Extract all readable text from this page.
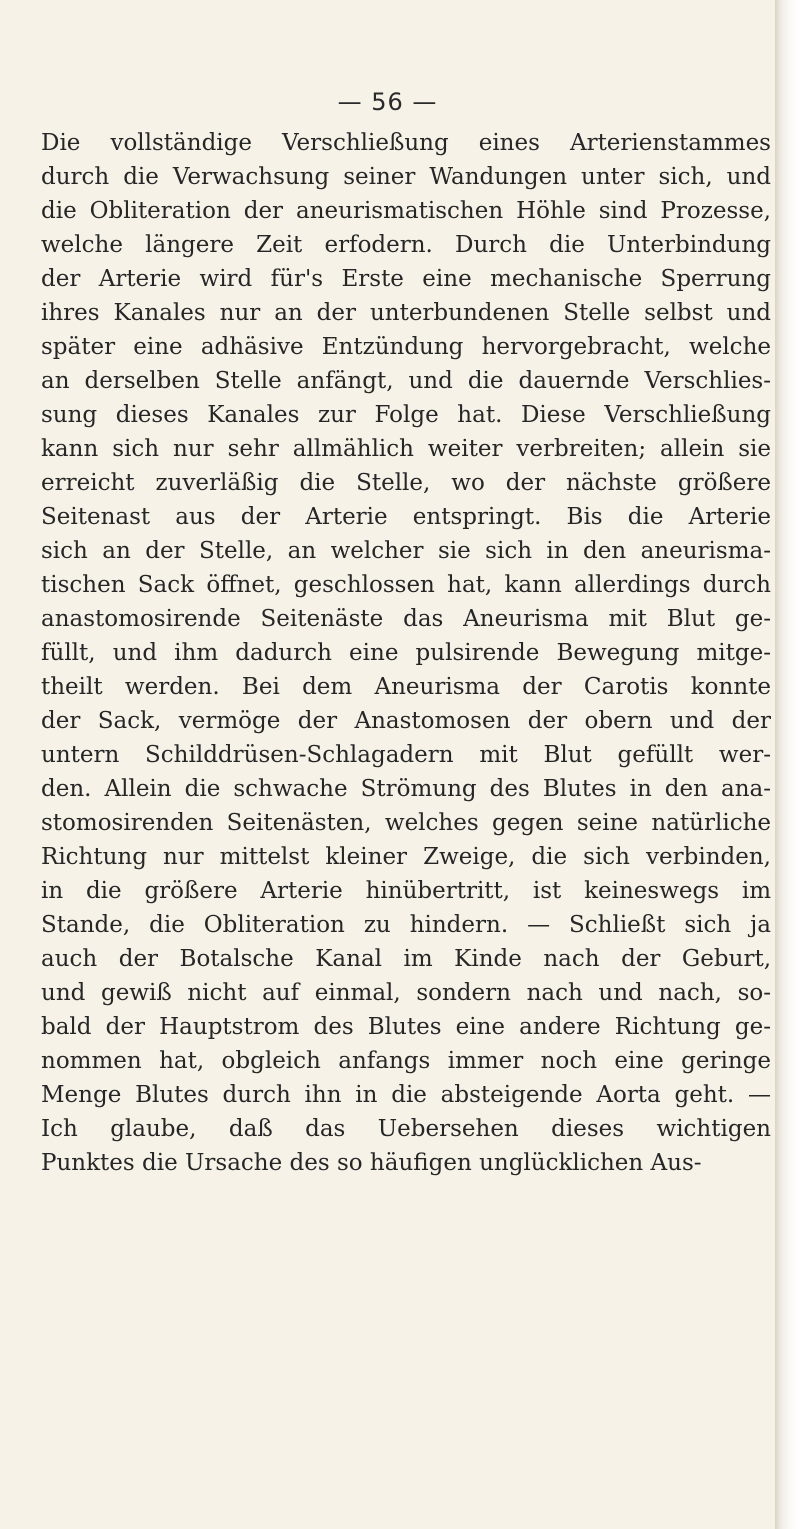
— 56 —
Die vollständige Verschließung eines Arterienstammes
durch die Verwachsung seiner Wandungen unter sich, und
die Obliteration der aneurismatischen Höhle sind Prozesse,
welche längere Zeit erfodern. Durch die Unterbindung
der Arterie wird für's Erste eine mechanische Sperrung
ihres Kanales nur an der unterbundenen Stelle selbst und
später eine adhäsive Entzündung hervorgebracht, welche
an derselben Stelle anfängt, und die dauernde Verschlies-
sung dieses Kanales zur Folge hat. Diese Verschließung
kann sich nur sehr allmählich weiter verbreiten; allein sie
erreicht zuverläßig die Stelle, wo der nächste größere
Seitenast aus der Arterie entspringt. Bis die Arterie
sich an der Stelle, an welcher sie sich in den aneurisma-
tischen Sack öffnet, geschlossen hat, kann allerdings durch
anastomosirende Seitenäste das Aneurisma mit Blut ge-
füllt, und ihm dadurch eine pulsirende Bewegung mitge-
theilt werden. Bei dem Aneurisma der Carotis konnte
der Sack, vermöge der Anastomosen der obern und der
untern Schilddrüsen-Schlagadern mit Blut gefüllt wer-
den. Allein die schwache Strömung des Blutes in den ana-
stomosirenden Seitenästen, welches gegen seine natürliche
Richtung nur mittelst kleiner Zweige, die sich verbinden,
in die größere Arterie hinübertritt, ist keineswegs im
Stande, die Obliteration zu hindern. — Schließt sich ja
auch der Botalsche Kanal im Kinde nach der Geburt,
und gewiß nicht auf einmal, sondern nach und nach, so-
bald der Hauptstrom des Blutes eine andere Richtung ge-
nommen hat, obgleich anfangs immer noch eine geringe
Menge Blutes durch ihn in die absteigende Aorta geht. —
Ich glaube, daß das Uebersehen dieses wichtigen
Punktes die Ursache des so häufigen unglücklichen Aus-
